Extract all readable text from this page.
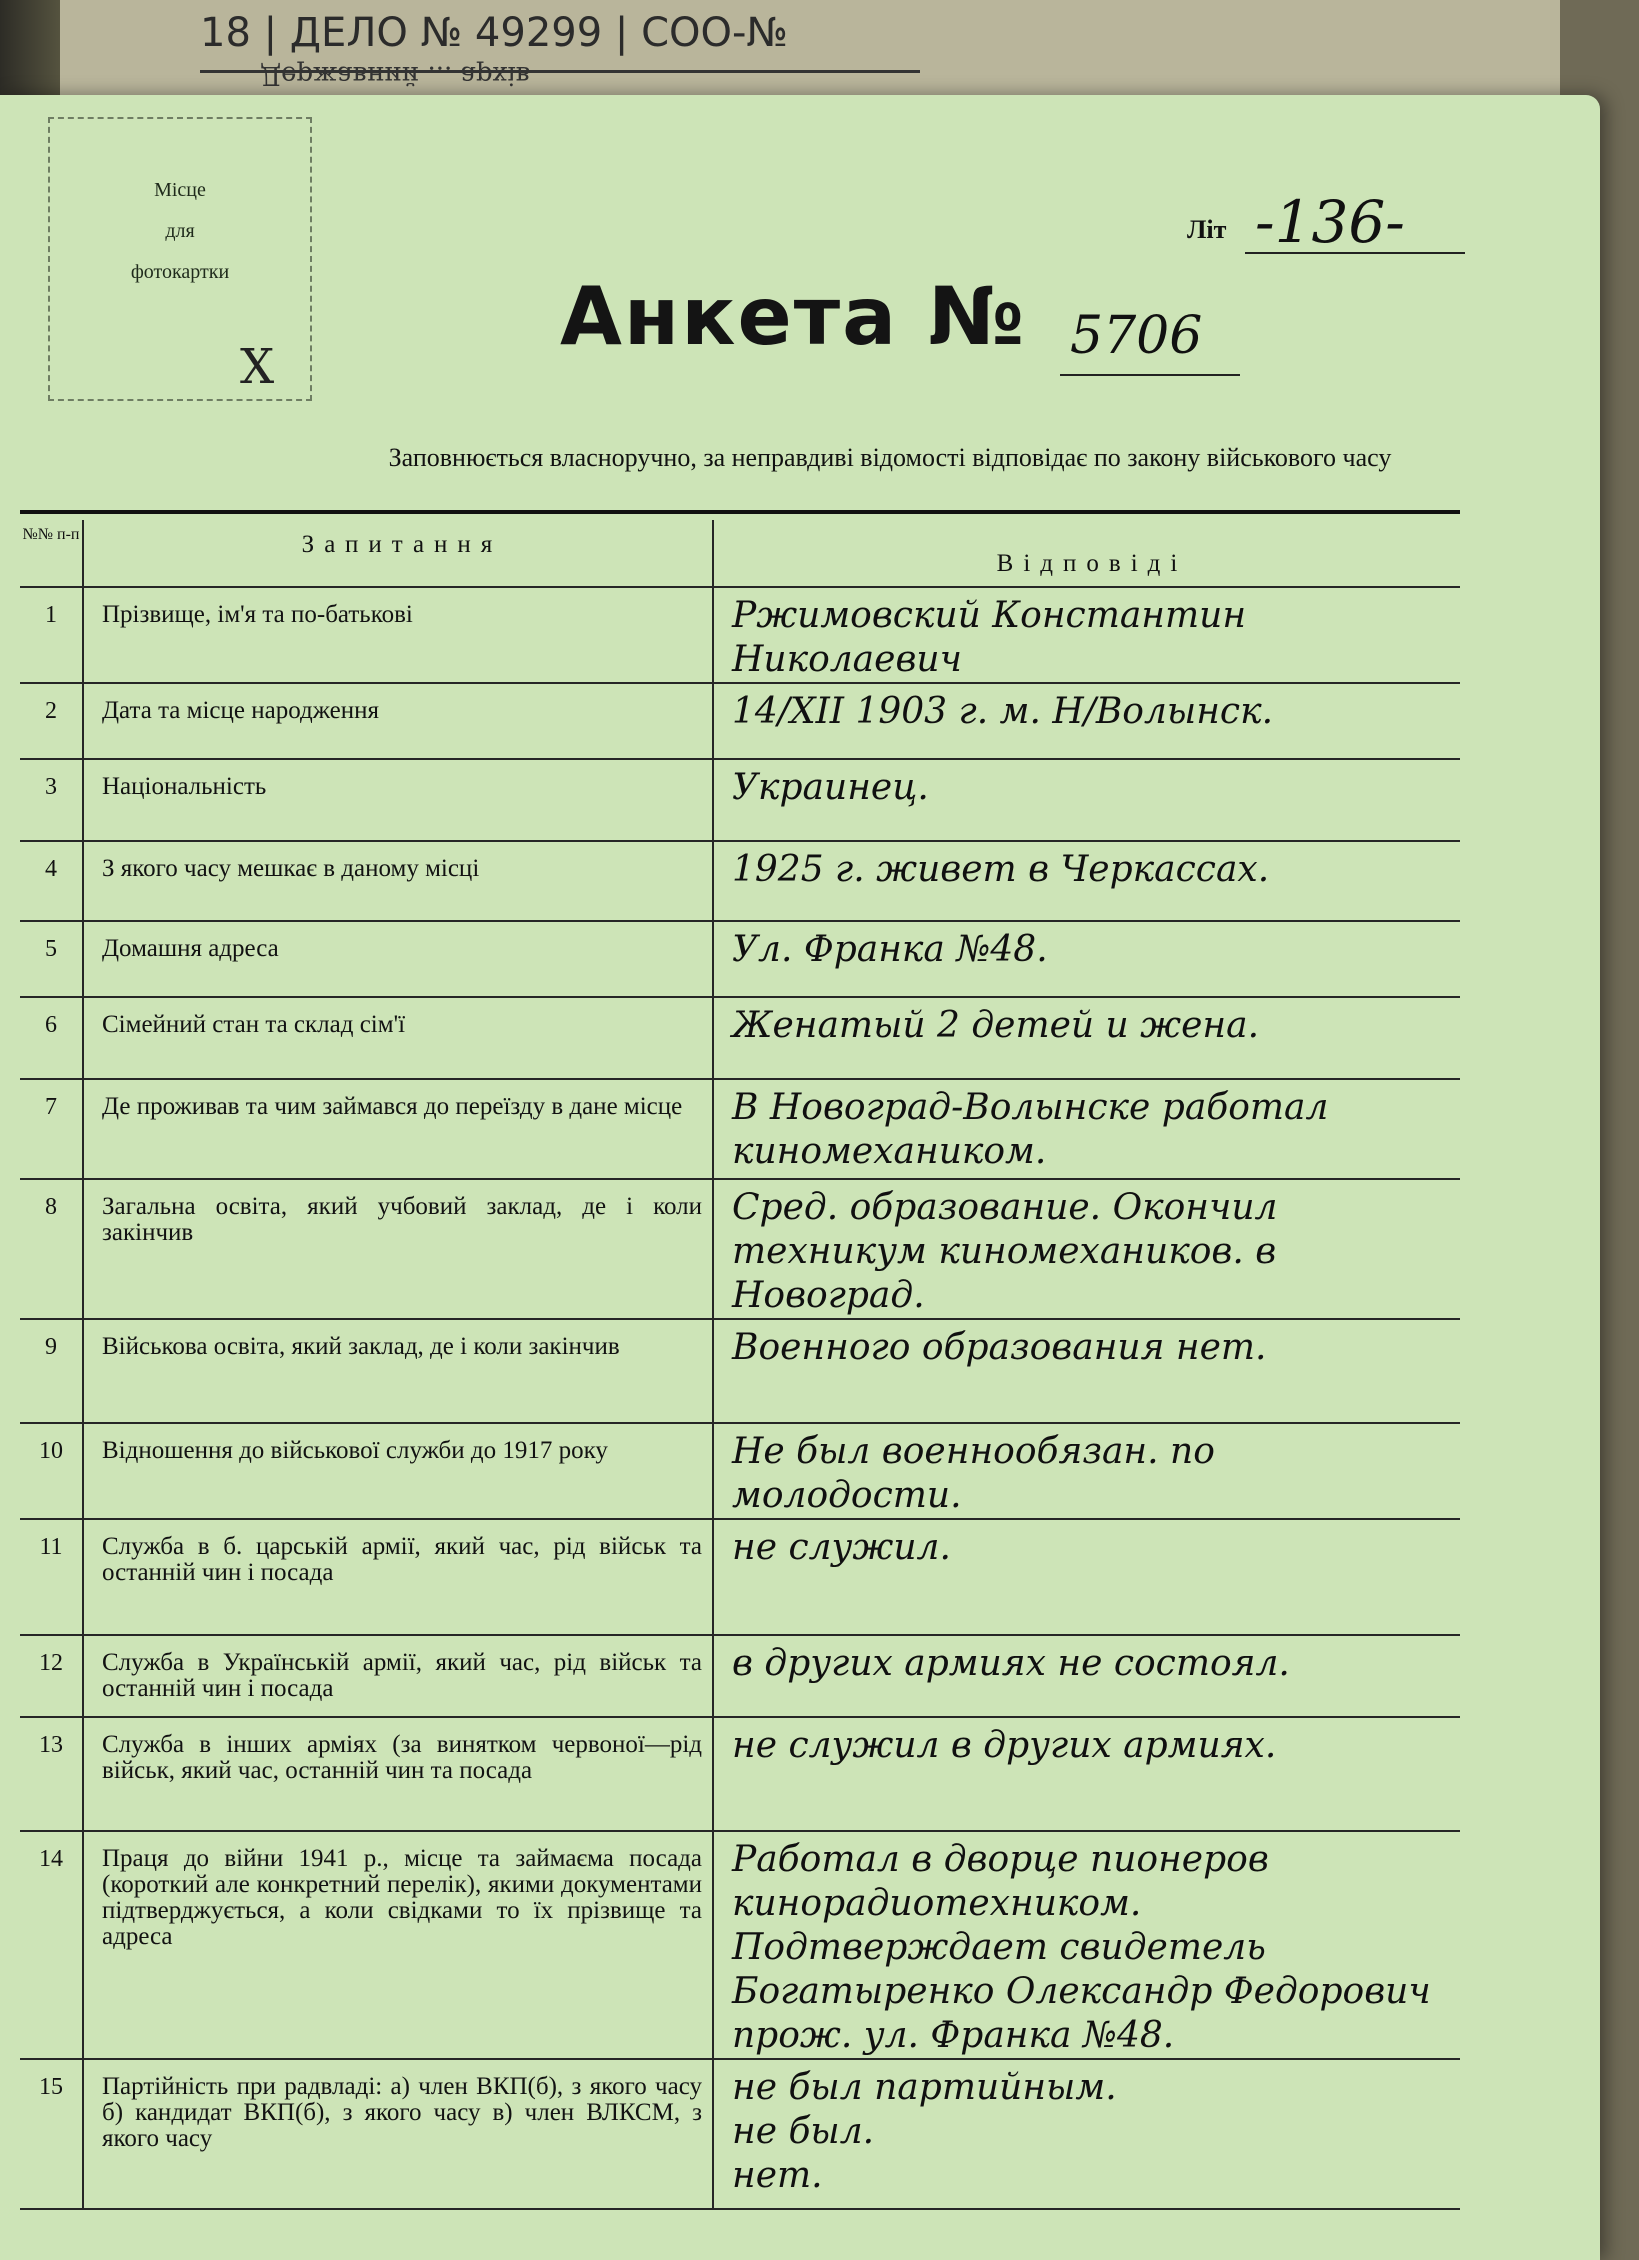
18 | ДЕЛО № 49299 | СОО-№
Державний ... архів
Місце
для
фотокартки
X
Літ -136-
Анкета № 5706
Заповнюється власноручно, за неправдиві відомості відповідає по закону військового часу
№№ п-п	Запитання	Відповіді
1	Прізвище, ім'я та по-батькові	Ржимовский Константин Николаевич
2	Дата та місце народження	14/XII 1903 г. м. Н/Волынск.
3	Національність	Украинец.
4	З якого часу мешкає в даному місці	1925 г. живет в Черкассах.
5	Домашня адреса	Ул. Франка №48.
6	Сімейний стан та склад сім'ї	Женатый 2 детей и жена.
7	Де проживав та чим займався до переїзду в дане місце	В Новоград-Волынске работал киномехаником.
8	Загальна освіта, який учбовий заклад, де і коли закінчив	Сред. образование. Окончил техникум киномехаников. в Новоград.
9	Військова освіта, який заклад, де і коли закінчив	Военного образования нет.
10	Відношення до військової служби до 1917 року	Не был военнообязан. по молодости.
11	Служба в б. царській армії, який час, рід військ та останній чин і посада	не служил.
12	Служба в Українській армії, який час, рід військ та останній чин і посада	в других армиях не состоял.
13	Служба в інших арміях (за винятком червоної—рід військ, який час, останній чин та посада	не служил в других армиях.
14	Праця до війни 1941 р., місце та займаєма посада (короткий але конкретний перелік), якими документами підтверджується, а коли свідками то їх прізвище та адреса	Работал в дворце пионеров кинорадиотехником. Подтверждает свидетель Богатыренко Олександр Федорович прож. ул. Франка №48.
15	Партійність при радвладі: а) член ВКП(б), з якого часу б) кандидат ВКП(б), з якого часу в) член ВЛКСМ, з якого часу	не был партийным.
не был.
нет.
